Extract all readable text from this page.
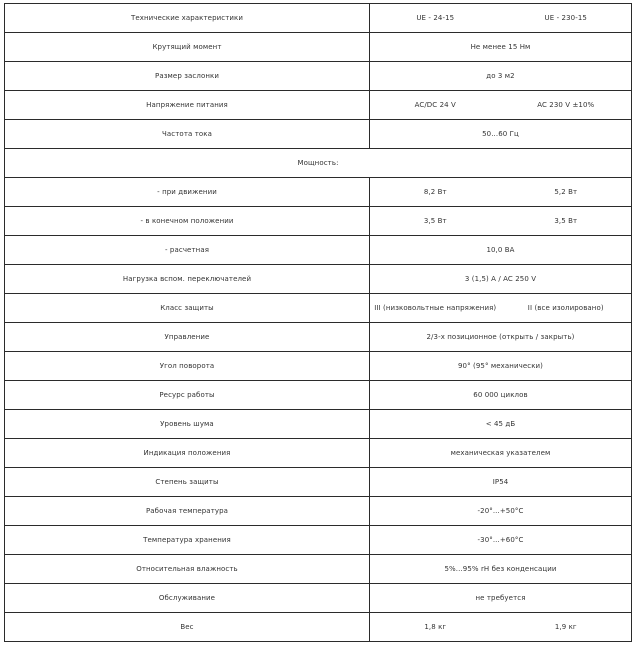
Технические характеристики	UE - 24-15 UE - 230-15

Крутящий момент	Не менее 15 Нм
Размер заслонки	до 3 м2
Напряжение питания	AC/DC 24 V AC 230 V ±10%

Частота тока	50...60 Гц
Мощность:	
- при движении	8,2 Вт 5,2 Вт

- в конечном положении	3,5 Вт 3,5 Вт

- расчетная	10,0 ВА
Нагрузка вспом. переключателей	3 (1,5) A / AC 250 V
Класс защиты	III (низковольтные напряжения) II (все изолировано)

Управление	2/3-х позиционное (открыть / закрыть)
Угол поворота	90° (95° механически)
Ресурс работы	60 000 циклов
Уровень шума	< 45 дБ
Индикация положения	механическая указателем
Степень защиты	IP54
Рабочая температура	-20°...+50°С
Температура хранения	-30°...+60°С
Относительная влажность	5%...95% rH без конденсации
Обслуживание	не требуется
Вес	1,8 кг 1,9 кг
